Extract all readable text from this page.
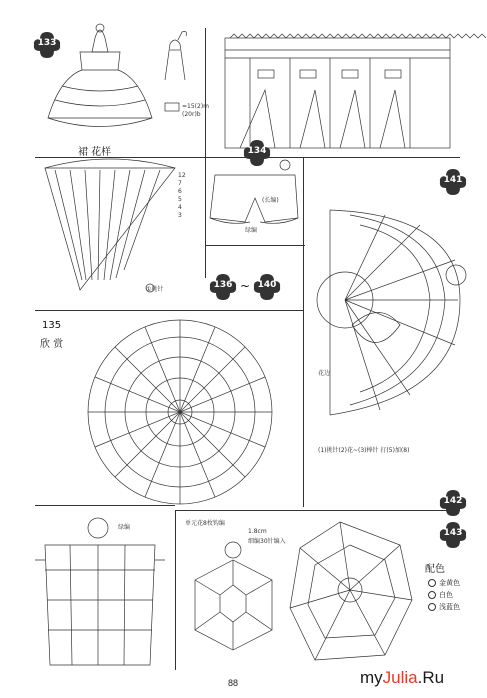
133
134
136 ~ 140
141
142
143
裙 花样
=15(2)m
(20r)b
①挑针
(长编)
绿编
135
欣 赏
绿编
单元花8枚钩编
1.8cm
细编30针编入
(1)挑针(2)花~(3)棒针 打(5)加(8)
花边
12
7
6
5
4
3
配色
金黄色
白色
浅蓝色
88	myJulia.Ru
